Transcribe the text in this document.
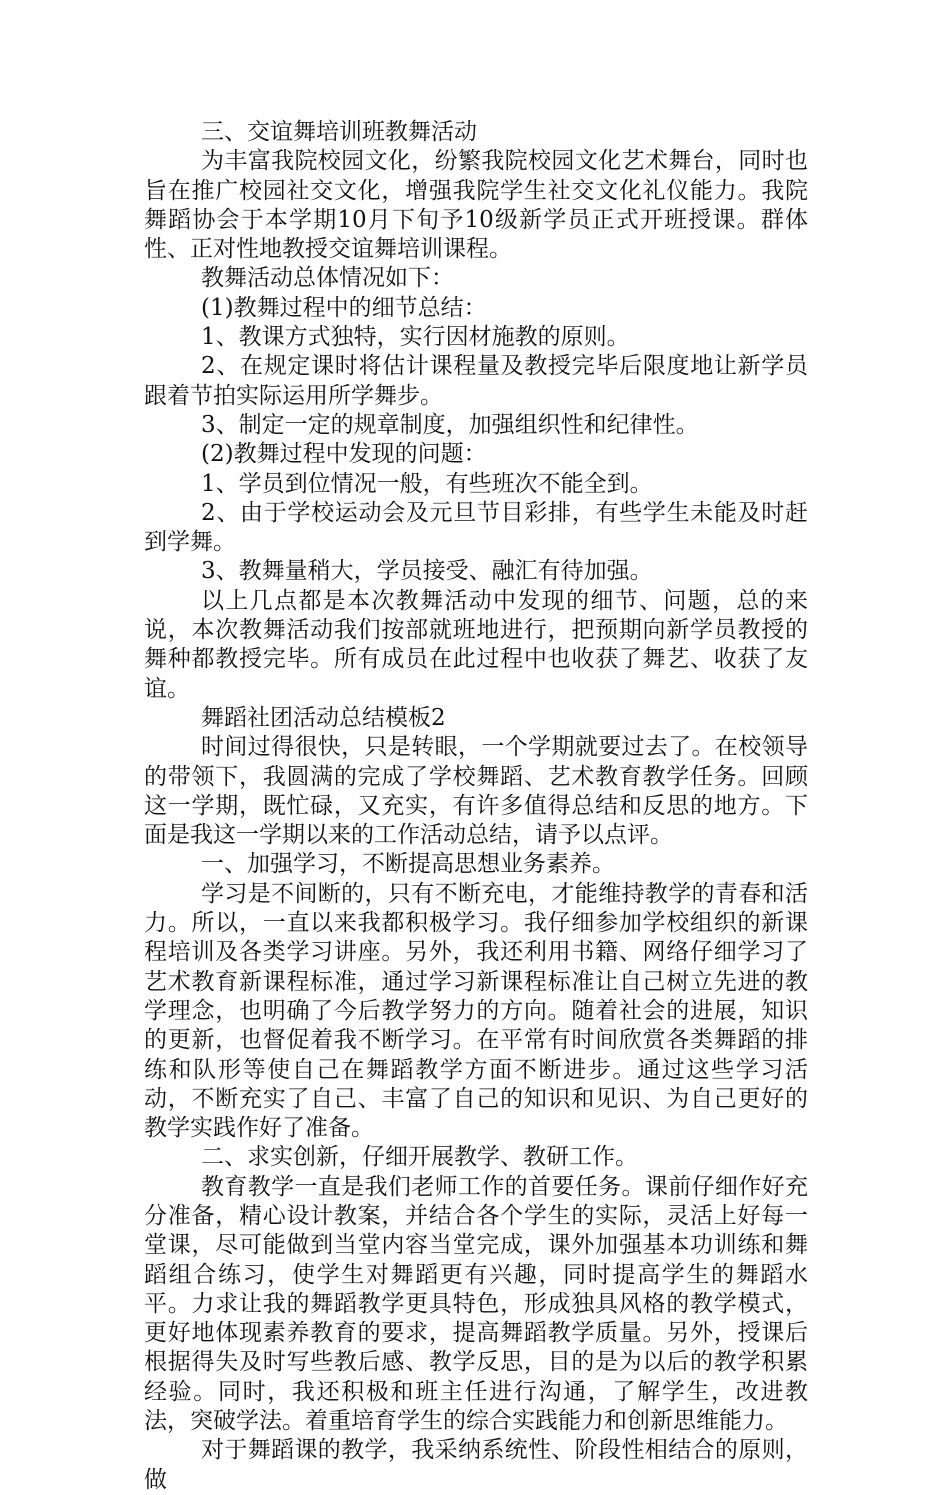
三、交谊舞培训班教舞活动

为丰富我院校园文化，纷繁我院校园文化艺术舞台，同时也旨在推广校园社交文化，增强我院学生社交文化礼仪能力。我院舞蹈协会于本学期10月下旬予10级新学员正式开班授课。群体性、正对性地教授交谊舞培训课程。

教舞活动总体情况如下：

(1)教舞过程中的细节总结：

1、教课方式独特，实行因材施教的原则。

2、在规定课时将估计课程量及教授完毕后限度地让新学员跟着节拍实际运用所学舞步。

3、制定一定的规章制度，加强组织性和纪律性。

(2)教舞过程中发现的问题：

1、学员到位情况一般，有些班次不能全到。

2、由于学校运动会及元旦节目彩排，有些学生未能及时赶到学舞。

3、教舞量稍大，学员接受、融汇有待加强。

以上几点都是本次教舞活动中发现的细节、问题，总的来说，本次教舞活动我们按部就班地进行，把预期向新学员教授的舞种都教授完毕。所有成员在此过程中也收获了舞艺、收获了友谊。

舞蹈社团活动总结模板2

时间过得很快，只是转眼，一个学期就要过去了。在校领导的带领下，我圆满的完成了学校舞蹈、艺术教育教学任务。回顾这一学期，既忙碌，又充实，有许多值得总结和反思的地方。下面是我这一学期以来的工作活动总结，请予以点评。

一、加强学习，不断提高思想业务素养。

学习是不间断的，只有不断充电，才能维持教学的青春和活力。所以，一直以来我都积极学习。我仔细参加学校组织的新课程培训及各类学习讲座。另外，我还利用书籍、网络仔细学习了艺术教育新课程标准，通过学习新课程标准让自己树立先进的教学理念，也明确了今后教学努力的方向。随着社会的进展，知识的更新，也督促着我不断学习。在平常有时间欣赏各类舞蹈的排练和队形等使自己在舞蹈教学方面不断进步。通过这些学习活动，不断充实了自己、丰富了自己的知识和见识、为自己更好的教学实践作好了准备。

二、求实创新，仔细开展教学、教研工作。

教育教学一直是我们老师工作的首要任务。课前仔细作好充分准备，精心设计教案，并结合各个学生的实际，灵活上好每一堂课，尽可能做到当堂内容当堂完成，课外加强基本功训练和舞蹈组合练习，使学生对舞蹈更有兴趣，同时提高学生的舞蹈水平。力求让我的舞蹈教学更具特色，形成独具风格的教学模式，更好地体现素养教育的要求，提高舞蹈教学质量。另外，授课后根据得失及时写些教后感、教学反思，目的是为以后的教学积累经验。同时，我还积极和班主任进行沟通，了解学生，改进教法，突破学法。着重培育学生的综合实践能力和创新思维能力。

对于舞蹈课的教学，我采纳系统性、阶段性相结合的原则，做
